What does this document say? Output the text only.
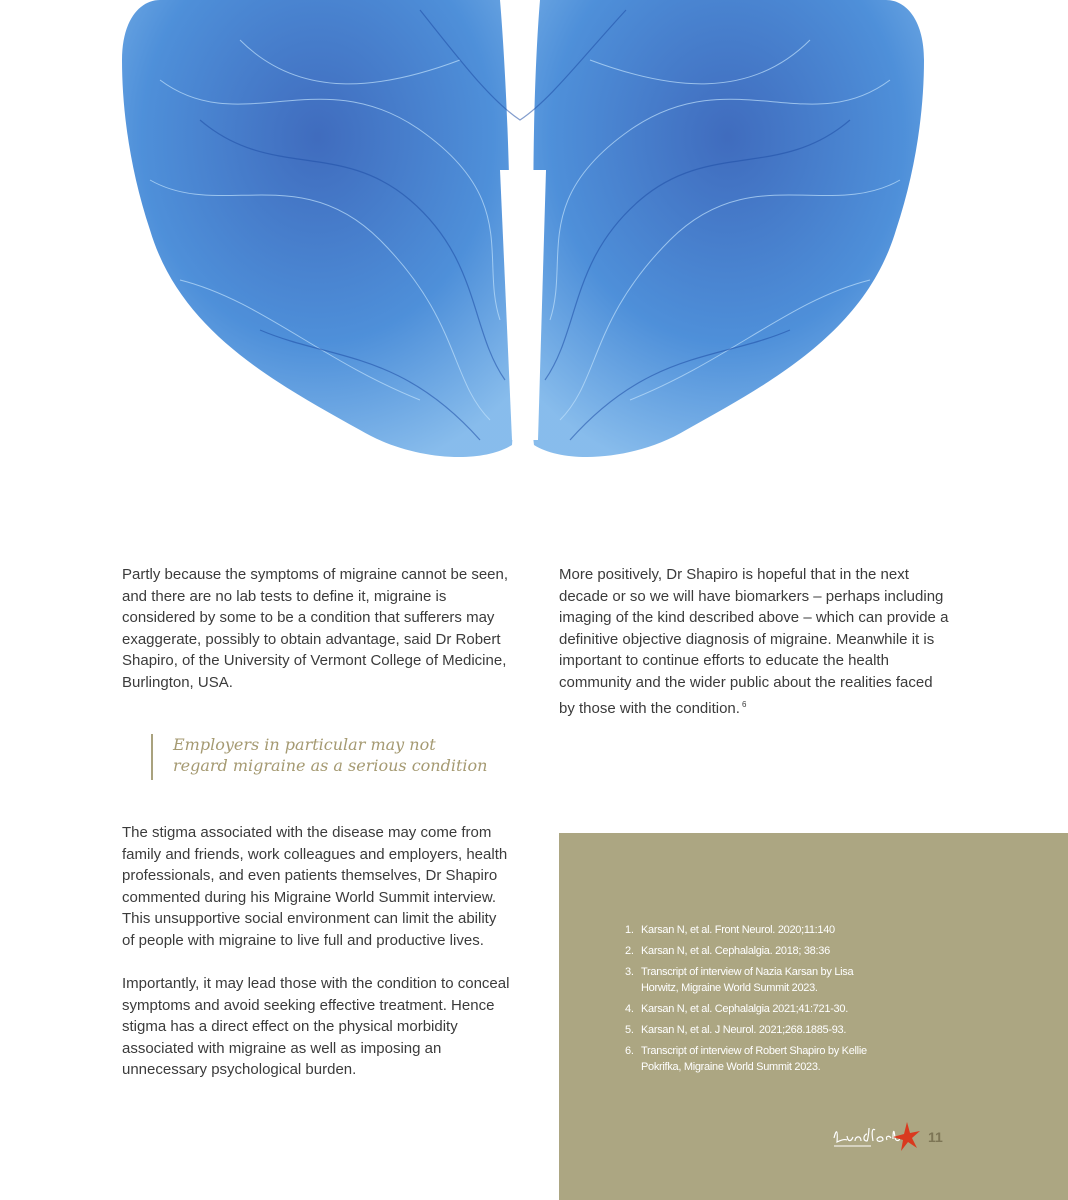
Partly because the symptoms of migraine cannot be seen, and there are no lab tests to define it, migraine is considered by some to be a condition that sufferers may exaggerate, possibly to obtain advantage, said Dr Robert Shapiro, of the University of Vermont College of Medicine, Burlington, USA.

More positively, Dr Shapiro is hopeful that in the next decade or so we will have biomarkers – perhaps including imaging of the kind described above – which can provide a definitive objective diagnosis of migraine. Meanwhile it is important to continue efforts to educate the health community and the wider public about the realities faced by those with the condition. $^6$

Employers in particular may not
regard migraine as a serious condition

The stigma associated with the disease may come from family and friends, work colleagues and employers, health professionals, and even patients themselves, Dr Shapiro commented during his Migraine World Summit interview. This unsupportive social environment can limit the ability of people with migraine to live full and productive lives.

Importantly, it may lead those with the condition to conceal symptoms and avoid seeking effective treatment. Hence stigma has a direct effect on the physical morbidity associated with migraine as well as imposing an unnecessary psychological burden.

1. Karsan N, et al. Front Neurol. 2020;11:140
2. Karsan N, et al. Cephalalgia. 2018; 38:36
3. Transcript of interview of Nazia Karsan by Lisa Horwitz, Migraine World Summit 2023.
4. Karsan N, et al. Cephalalgia 2021;41:721-30.
5. Karsan N, et al. J Neurol. 2021;268.1885-93.
6. Transcript of interview of Robert Shapiro by Kellie Pokrifka, Migraine World Summit 2023.
11
